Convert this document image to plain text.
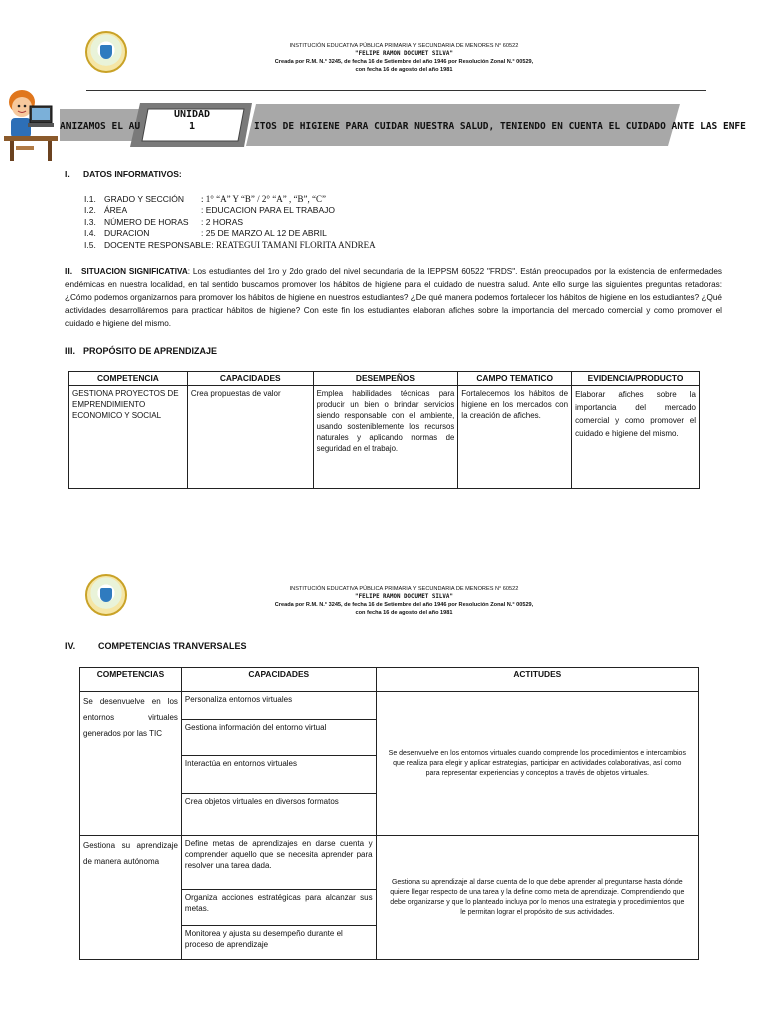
INSTITUCIÓN EDUCATIVA PÚBLICA PRIMARIA Y SECUNDARIA DE MENORES N° 60522
"FELIPE RAMON DOCUMET SILVA"
Creada por R.M. N.° 3245, de fecha 16 de Setiembre del año 1946 por Resolución Zonal N.° 00529,
con fecha 16 de agosto del año 1981
ANIZAMOS EL AU
UNIDAD
1	ITOS DE HIGIENE PARA CUIDAR NUESTRA SALUD, TENIENDO EN CUENTA EL CUIDADO ANTE LAS ENFE
I. DATOS INFORMATIVOS:
I.1. GRADO Y SECCIÓN : 1° “A” Y “B” / 2° “A” , “B”, “C”
I.2. ÁREA	: EDUCACION PARA EL TRABAJO
I.3. NÚMERO DE HORAS : 2 HORAS
I.4. DURACION	: 25 DE MARZO AL 12 DE ABRIL
I.5. DOCENTE RESPONSABLE: REATEGUI TAMANI FLORITA ANDREA
II. SITUACION SIGNIFICATIVA: Los estudiantes del 1ro y 2do grado del nivel secundaria de la IEPPSM 60522 "FRDS". Están preocupados por la existencia de enfermedades endémicas en nuestra localidad, en tal sentido buscamos promover los hábitos de higiene para el cuidado de nuestra salud. Ante ello surge las siguientes preguntas retadoras: ¿Cómo podemos organizarnos para promover los hábitos de higiene en nuestros estudiantes? ¿De qué manera podemos fortalecer los hábitos de higiene en los estudiantes? ¿Qué actividades desarrolláremos para practicar hábitos de higiene? Con este fin los estudiantes elaboran afiches sobre la importancia del mercado comercial y como promover el cuidado e higiene del mismo.
III. PROPÓSITO DE APRENDIZAJE
COMPETENCIA	CAPACIDADES	DESEMPEÑOS	CAMPO TEMATICO	EVIDENCIA/PRODUCTO
GESTIONA PROYECTOS DE EMPRENDIMIENTO ECONOMICO Y SOCIAL	Crea propuestas de valor	Emplea habilidades técnicas para producir un bien o brindar servicios siendo responsable con el ambiente, usando sosteniblemente los recursos naturales y aplicando normas de seguridad en el trabajo.	Fortalecemos los hábitos de higiene en los mercados con la creación de afiches.	Elaborar afiches sobre la importancia del mercado comercial y como promover el cuidado e higiene del mismo.
INSTITUCIÓN EDUCATIVA PÚBLICA PRIMARIA Y SECUNDARIA DE MENORES N° 60522
"FELIPE RAMON DOCUMET SILVA"
Creada por R.M. N.° 3245, de fecha 16 de Setiembre del año 1946 por Resolución Zonal N.° 00529,
con fecha 16 de agosto del año 1981
IV.	COMPETENCIAS TRANVERSALES
COMPETENCIAS	CAPACIDADES	ACTITUDES
Se desenvuelve en los entornos virtuales generados por las TIC	Personaliza entornos virtuales	Se desenvuelve en los entornos virtuales cuando comprende los procedimientos e intercambios que realiza para elegir y aplicar estrategias, participar en actividades colaborativas, así como para representar experiencias y conceptos a través de objetos virtuales.
	Gestiona información del entorno virtual	
	Interactúa en entornos virtuales	
	Crea objetos virtuales en diversos formatos	
Gestiona su aprendizaje de manera autónoma	Define metas de aprendizajes en darse cuenta y comprender aquello que se necesita aprender para resolver una tarea dada.	Gestiona su aprendizaje al darse cuenta de lo que debe aprender al preguntarse hasta dónde quiere llegar respecto de una tarea y la define como meta de aprendizaje. Comprendiendo que debe organizarse y que lo planteado incluya por lo menos una estrategia y procedimientos que le permitan lograr el propósito de sus actividades.
	Organiza acciones estratégicas para alcanzar sus metas.	
	Monitorea y ajusta su desempeño durante el proceso de aprendizaje	
